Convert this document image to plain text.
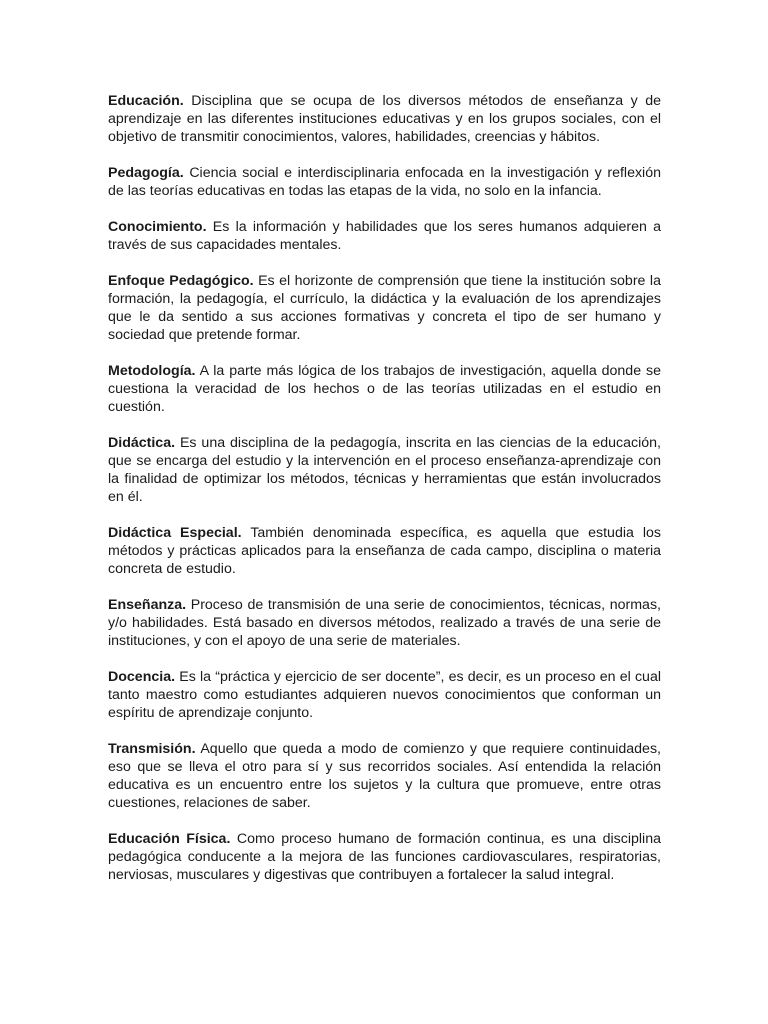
Educación. Disciplina que se ocupa de los diversos métodos de enseñanza y de aprendizaje en las diferentes instituciones educativas y en los grupos sociales, con el objetivo de transmitir conocimientos, valores, habilidades, creencias y hábitos.

Pedagogía. Ciencia social e interdisciplinaria enfocada en la investigación y reflexión de las teorías educativas en todas las etapas de la vida, no solo en la infancia.

Conocimiento. Es la información y habilidades que los seres humanos adquieren a través de sus capacidades mentales.

Enfoque Pedagógico. Es el horizonte de comprensión que tiene la institución sobre la formación, la pedagogía, el currículo, la didáctica y la evaluación de los aprendizajes que le da sentido a sus acciones formativas y concreta el tipo de ser humano y sociedad que pretende formar.

Metodología. A la parte más lógica de los trabajos de investigación, aquella donde se cuestiona la veracidad de los hechos o de las teorías utilizadas en el estudio en cuestión.

Didáctica. Es una disciplina de la pedagogía, inscrita en las ciencias de la educación, que se encarga del estudio y la intervención en el proceso enseñanza-aprendizaje con la finalidad de optimizar los métodos, técnicas y herramientas que están involucrados en él.

Didáctica Especial. También denominada específica, es aquella que estudia los métodos y prácticas aplicados para la enseñanza de cada campo, disciplina o materia concreta de estudio.

Enseñanza. Proceso de transmisión de una serie de conocimientos, técnicas, normas, y/o habilidades. Está basado en diversos métodos, realizado a través de una serie de instituciones, y con el apoyo de una serie de materiales.

Docencia. Es la “práctica y ejercicio de ser docente”, es decir, es un proceso en el cual tanto maestro como estudiantes adquieren nuevos conocimientos que conforman un espíritu de aprendizaje conjunto.

Transmisión. Aquello que queda a modo de comienzo y que requiere continuidades, eso que se lleva el otro para sí y sus recorridos sociales. Así entendida la relación educativa es un encuentro entre los sujetos y la cultura que promueve, entre otras cuestiones, relaciones de saber.

Educación Física. Como proceso humano de formación continua, es una disciplina pedagógica conducente a la mejora de las funciones cardiovasculares, respiratorias, nerviosas, musculares y digestivas que contribuyen a fortalecer la salud integral.
